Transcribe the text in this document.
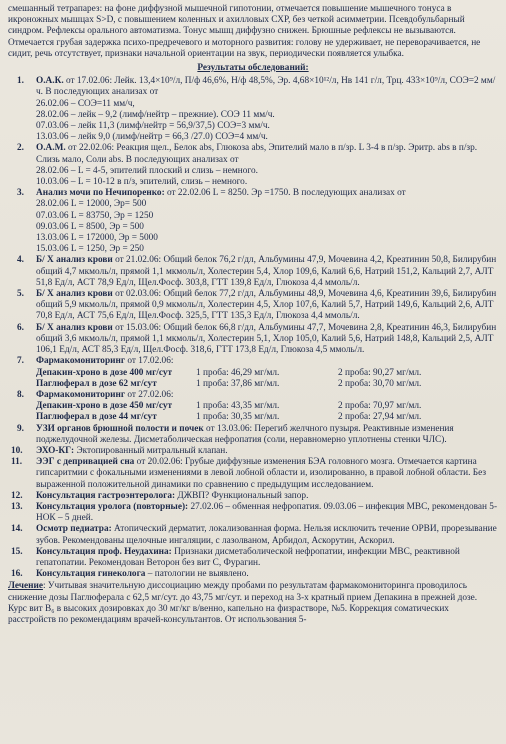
смешанный тетрапарез: на фоне диффузной мышечной гипотонии, отмечается повышение мышечного тонуса в икроножных мышцах S>D, с повышением коленных и ахилловых СХР, без четкой асимметрии. Псевдобульбарный синдром. Рефлексы орального автоматизма. Тонус мышц диффузно снижен. Брюшные рефлексы не вызываются. Отмечается грубая задержка психо-предречевого и моторного развития: голову не удерживает, не переворачивается, не сидит, речь отсутствует, признаки начальной ориентации на звук, периодически появляется улыбка.

Результаты обследований:

1. О.А.К. от 17.02.06: Лейк. 13,4×10⁹/л, П/ф 46,6%, Н/ф 48,5%, Эр. 4,68×10¹²/л, Нв 141 г/л, Трц. 433×10⁹/л, СОЭ=2 мм/ч. В последующих анализах от

26.02.06 – СОЭ=11 мм/ч,

28.02.06 – лейк – 9,2 (лимф/нейтр – прежние). СОЭ 11 мм/ч.

07.03.06 – лейк 11,3 (лимф/нейтр = 56,9/37,5) СОЭ=3 мм/ч.

13.03.06 – лейк 9,0 (лимф/нейтр = 66,3 /27.0) СОЭ=4 мм/ч.

2. О.А.М. от 22.02.06: Реакция щел., Белок abs, Глюкоза abs, Эпителий мало в п/зр. L 3-4 в п/зр. Эритр. abs в п/зр. Слизь мало, Соли abs. В последующих анализах от

28.02.06 – L = 4-5, эпителий плоский и слизь – немного.

10.03.06 – L = 10-12 в п/з, эпителий, слизь – немного.

3. Анализ мочи по Нечипоренко: от 22.02.06 L = 8250. Эр =1750. В последующих анализах от

28.02.06 L = 12000, Эр= 500

07.03.06 L = 83750, Эр = 1250

09.03.06 L = 8500, Эр = 500

13.03.06 L = 172000, Эр = 5000

15.03.06 L = 1250, Эр = 250

4. Б/ Х анализ крови от 21.02.06: Общий белок 76,2 г/дл, Альбумины 47,9, Мочевина 4,2, Креатинин 50,8, Билирубин общий 4,7 мкмоль/л, прямой 1,1 мкмоль/л, Холестерин 5,4, Хлор 109,6, Калий 6,6, Натрий 151,2, Кальций 2,7, АЛТ 51,8 Ед/л, АСТ 78,9 Ед/л, Щел.Фосф. 303,8, ГТТ 139,8 Ед/л, Глюкоза 4,4 ммоль/л.

5. Б/ Х анализ крови от 02.03.06: Общий белок 77,2 г/дл, Альбумины 48,9, Мочевина 4,6, Креатинин 39,6, Билирубин общий 5,9 мкмоль/л, прямой 0,9 мкмоль/л, Холестерин 4,5, Хлор 107,6, Калий 5,7, Натрий 149,6, Кальций 2,6, АЛТ 70,8 Ед/л, АСТ 75,6 Ед/л, Щел.Фосф. 325,5, ГТТ 135,3 Ед/л, Глюкоза 4,4 ммоль/л.

6. Б/ Х анализ крови от 15.03.06: Общий белок 66,8 г/дл, Альбумины 47,7, Мочевина 2,8, Креатинин 46,3, Билирубин общий 3,6 мкмоль/л, прямой 1,1 мкмоль/л, Холестерин 5,1, Хлор 105,0, Калий 5,6, Натрий 148,8, Кальций 2,5, АЛТ 106,1 Ед/л, АСТ 85,3 Ед/л, Щел.Фосф. 318,6, ГТТ 173,8 Ед/л, Глюкоза 4,5 ммоль/л.

7. Фармакомониторинг от 17.02.06:

Депакин-хроно в дозе 400 мг/сут	1 проба: 46,29 мг/мл.	2 проба: 90,27 мг/мл.
Паглюферал в дозе 62 мг/сут	1 проба: 37,86 мг/мл.	2 проба: 30,70 мг/мл.
8. Фармакомониторинг от 27.02.06:

Депакин-хроно в дозе 450 мг/сут	1 проба: 43,35 мг/мл.	2 проба: 70,97 мг/мл.
Паглюферал в дозе 44 мг/сут	1 проба: 30,35 мг/мл.	2 проба: 27,94 мг/мл.
9. УЗИ органов брюшной полости и почек от 13.03.06: Перегиб желчного пузыря. Реактивные изменения поджелудочной железы. Дисметаболическая нефропатия (соли, неравномерно уплотнены стенки ЧЛС).

10. ЭХО-КГ: Эктопированный митральный клапан.

11. ЭЭГ с депривацией сна от 20.02.06: Грубые диффузные изменения БЭА головного мозга. Отмечается картина гипсаритмии с фокальными изменениями в левой лобной области и, изолированно, в правой лобной области. Без выраженной положительной динамики по сравнению с предыдущим исследованием.

12. Консультация гастроэнтеролога: ДЖВП? Функциональный запор.

13. Консультация уролога (повторные): 27.02.06 – обменная нефропатия. 09.03.06 – инфекция МВС, рекомендован 5-НОК – 5 дней.

14. Осмотр педиатра: Атопический дерматит, локализованная форма. Нельзя исключить течение ОРВИ, прорезывание зубов. Рекомендованы щелочные ингаляции, с лазолваном, Арбидол, Аскорутин, Аскорил.

15. Консультация проф. Неудахина: Признаки дисметаболической нефропатии, инфекции МВС, реактивной гепатопатии. Рекомендован Веторон без вит С, Фурагин.

16. Консультация гинеколога – патологии не выявлено.

Лечение: Учитывая значительную диссоциацию между пробами по результатам фармакомониторинга проводилось снижение дозы Паглюферала с 62,5 мг/сут. до 43,75 мг/сут. и переход на 3-х кратный прием Депакина в прежней дозе. Курс вит В₆ в высоких дозировках до 30 мг/кг в/венно, капельно на физрастворе, №5. Коррекция соматических расстройств по рекомендациям врачей-консультантов. От использования 5-
